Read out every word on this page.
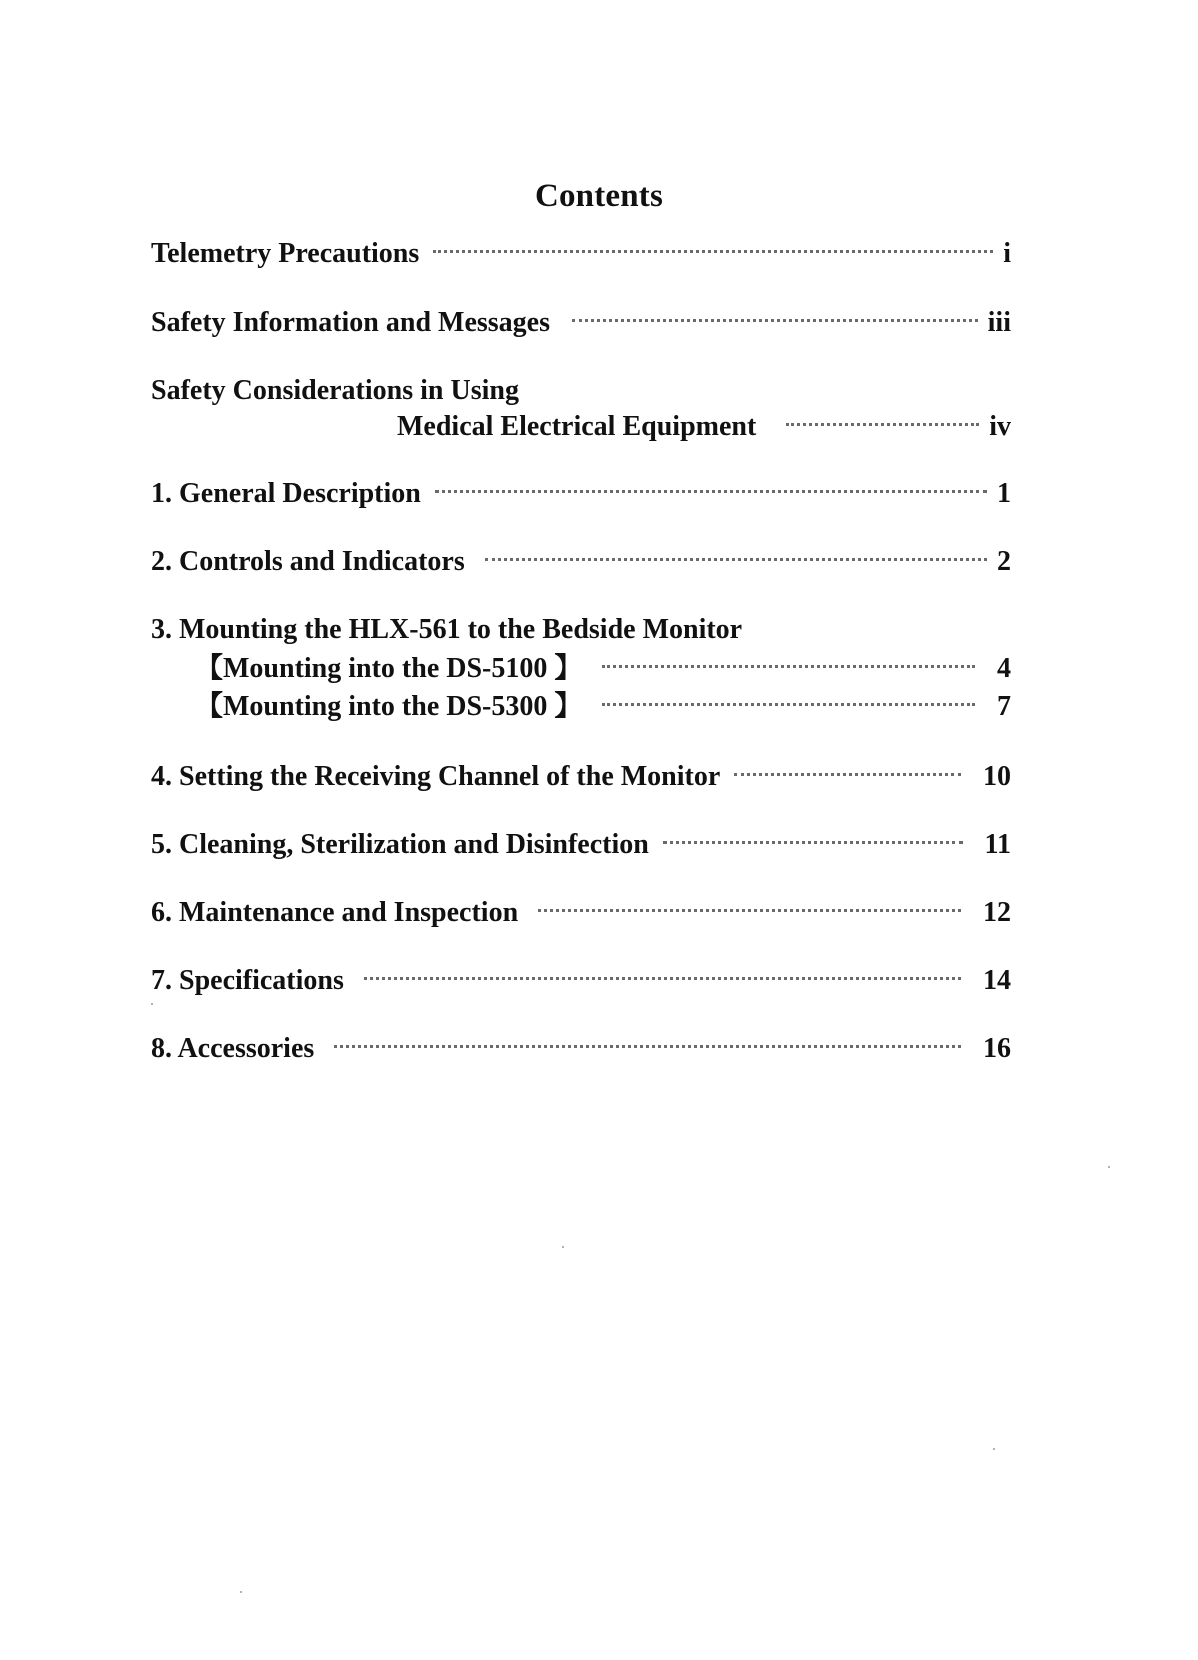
Contents
Telemetry Precautions	i
Safety Information and Messages	iii
Safety Considerations in Using
Medical Electrical Equipment	iv
1. General Description	1
2. Controls and Indicators	2
3. Mounting the HLX-561 to the Bedside Monitor
【Mounting into the DS-5100 】	4
【Mounting into the DS-5300 】	7
4. Setting the Receiving Channel of the Monitor	10
5. Cleaning, Sterilization and Disinfection	11
6. Maintenance and Inspection	12
7. Specifications	14
8. Accessories	16
